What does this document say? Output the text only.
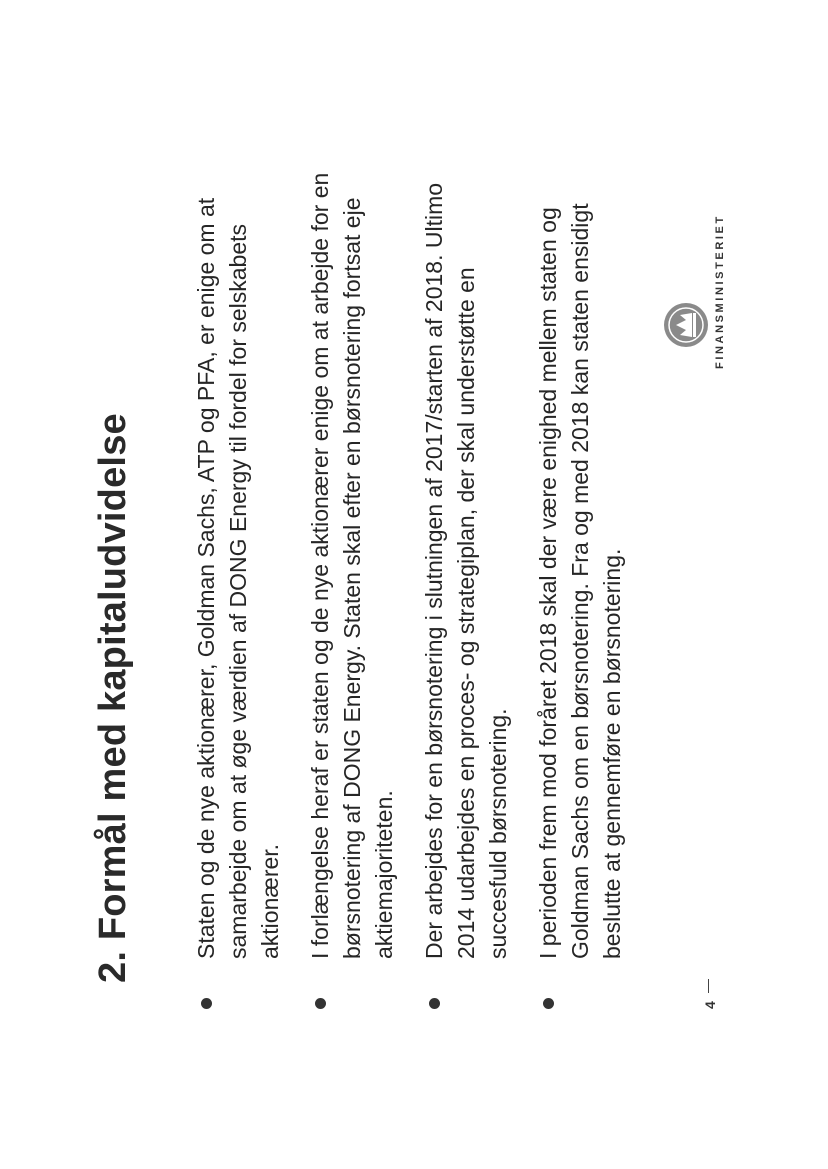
2. Formål med kapitaludvidelse	Staten og de nye aktionærer, Goldman Sachs, ATP og PFA, er enige om at samarbejde om at øge værdien af DONG Energy til fordel for selskabets aktionærer. I forlængelse heraf er staten og de nye aktionærer enige om at arbejde for en børsnotering af DONG Energy. Staten skal efter en børsnotering fortsat eje aktiemajoriteten. Der arbejdes for en børsnotering i slutningen af 2017/starten af 2018. Ultimo 2014 udarbejdes en proces- og strategiplan, der skal understøtte en succesfuld børsnotering. I perioden frem mod foråret 2018 skal der være enighed mellem staten og Goldman Sachs om en børsnotering. Fra og med 2018 kan staten ensidigt beslutte at gennemføre en børsnotering.
4
FINANSMINISTERIET
